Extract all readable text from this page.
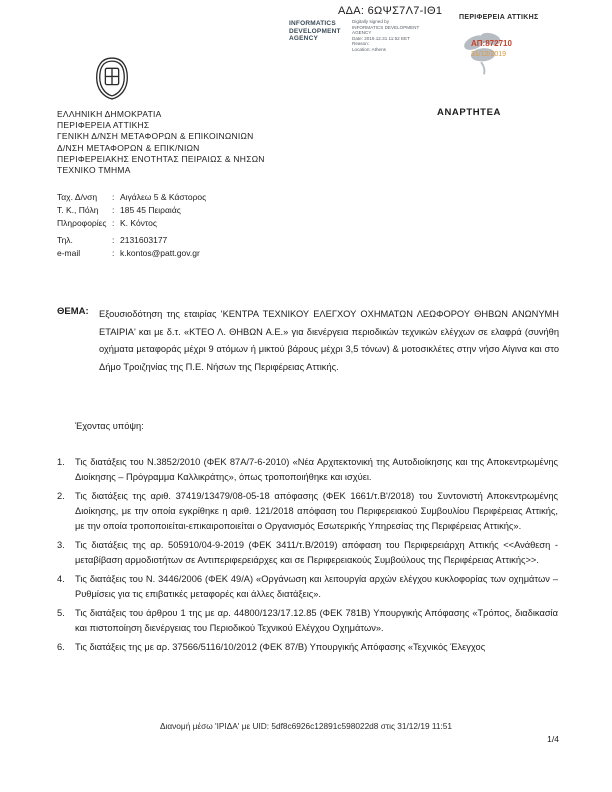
ΑΔΑ: 6ΩΨΣ7Λ7-ΙΘ1
INFORMATICS DEVELOPMENT AGENCY
Digitally signed by
INFORMATICS DEVELOPMENT AGENCY
Date: 2019.12.31 11:52 EET
Reason:
Location: Athens
ΠΕΡΙΦΕΡΕΙΑ ΑΤΤΙΚΗΣ
ΑΠ:872710
31/12/2019
ΕΛΛΗΝΙΚΗ ΔΗΜΟΚΡΑΤΙΑ
ΠΕΡΙΦΕΡΕΙΑ ΑΤΤΙΚΗΣ
ΓΕΝΙΚΗ Δ/ΝΣΗ ΜΕΤΑΦΟΡΩΝ & ΕΠΙΚΟΙΝΩΝΙΩΝ
Δ/ΝΣΗ ΜΕΤΑΦΟΡΩΝ & ΕΠΙΚ/ΝΙΩΝ
ΠΕΡΙΦΕΡΕΙΑΚΗΣ ΕΝΟΤΗΤΑΣ ΠΕΙΡΑΙΩΣ & ΝΗΣΩΝ
ΤΕΧΝΙΚΟ ΤΜΗΜΑ
ΑΝΑΡΤΗΤΕΑ
Ταχ. Δ/νση	: Αιγάλεω 5 & Κάστορος
Τ. Κ., Πόλη	: 185 45 Πειραιάς
Πληροφορίες : Κ. Κόντος
Τηλ.	: 2131603177
e-mail	: k.kontos@patt.gov.gr
ΘΕΜΑ: Εξουσιοδότηση της εταιρίας 'ΚΕΝΤΡΑ ΤΕΧΝΙΚΟΥ ΕΛΕΓΧΟΥ ΟΧΗΜΑΤΩΝ ΛΕΩΦΟΡΟΥ ΘΗΒΩΝ ΑΝΩΝΥΜΗ ΕΤΑΙΡΙΑ' και με δ.τ. «ΚΤΕΟ Λ. ΘΗΒΩΝ Α.Ε.» για διενέργεια περιοδικών τεχνικών ελέγχων σε ελαφρά (συνήθη οχήματα μεταφοράς μέχρι 9 ατόμων ή μικτού βάρους μέχρι 3,5 τόνων) & μοτοσικλέτες στην νήσο Αίγινα και στο Δήμο Τροιζηνίας της Π.Ε. Νήσων της Περιφέρειας Αττικής.
Έχοντας υπόψη:
1.	Τις διατάξεις του Ν.3852/2010 (ΦΕΚ 87Α/7-6-2010) «Νέα Αρχιτεκτονική της Αυτοδιοίκησης και της Αποκεντρωμένης Διοίκησης – Πρόγραμμα Καλλικράτης», όπως τροποποιήθηκε και ισχύει.
2.	Τις διατάξεις της αριθ. 37419/13479/08-05-18 απόφασης (ΦΕΚ 1661/τ.Β'/2018) του Συντονιστή Αποκεντρωμένης Διοίκησης, με την οποία εγκρίθηκε η αριθ. 121/2018 απόφαση του Περιφερειακού Συμβουλίου Περιφέρειας Αττικής, με την οποία τροποποιείται-επικαιροποιείται ο Οργανισμός Εσωτερικής Υπηρεσίας της Περιφέρειας Αττικής».
3.	Τις διατάξεις της αρ. 505910/04-9-2019 (ΦΕΚ 3411/τ.Β/2019) απόφαση του Περιφερειάρχη Αττικής <<Ανάθεση - μεταβίβαση αρμοδιοτήτων σε Αντιπεριφερειάρχες και σε Περιφερειακούς Συμβούλους της Περιφέρειας Αττικής>>.
4.	Τις διατάξεις του Ν. 3446/2006 (ΦΕΚ 49/Α) «Οργάνωση και λειτουργία αρχών ελέγχου κυκλοφορίας των οχημάτων – Ρυθμίσεις για τις επιβατικές μεταφορές και άλλες διατάξεις».
5.	Τις διατάξεις του άρθρου 1 της με αρ. 44800/123/17.12.85 (ΦΕΚ 781Β) Υπουργικής Απόφασης «Τρόπος, διαδικασία και πιστοποίηση διενέργειας του Περιοδικού Τεχνικού Ελέγχου Οχημάτων».
6.	Τις διατάξεις της με αρ. 37566/5116/10/2012 (ΦΕΚ 87/Β) Υπουργικής Απόφασης «Τεχνικός Έλεγχος
Διανομή μέσω 'ΙΡΙΔΑ' με UID: 5df8c6926c12891c598022d8 στις 31/12/19 11:51
1/4
